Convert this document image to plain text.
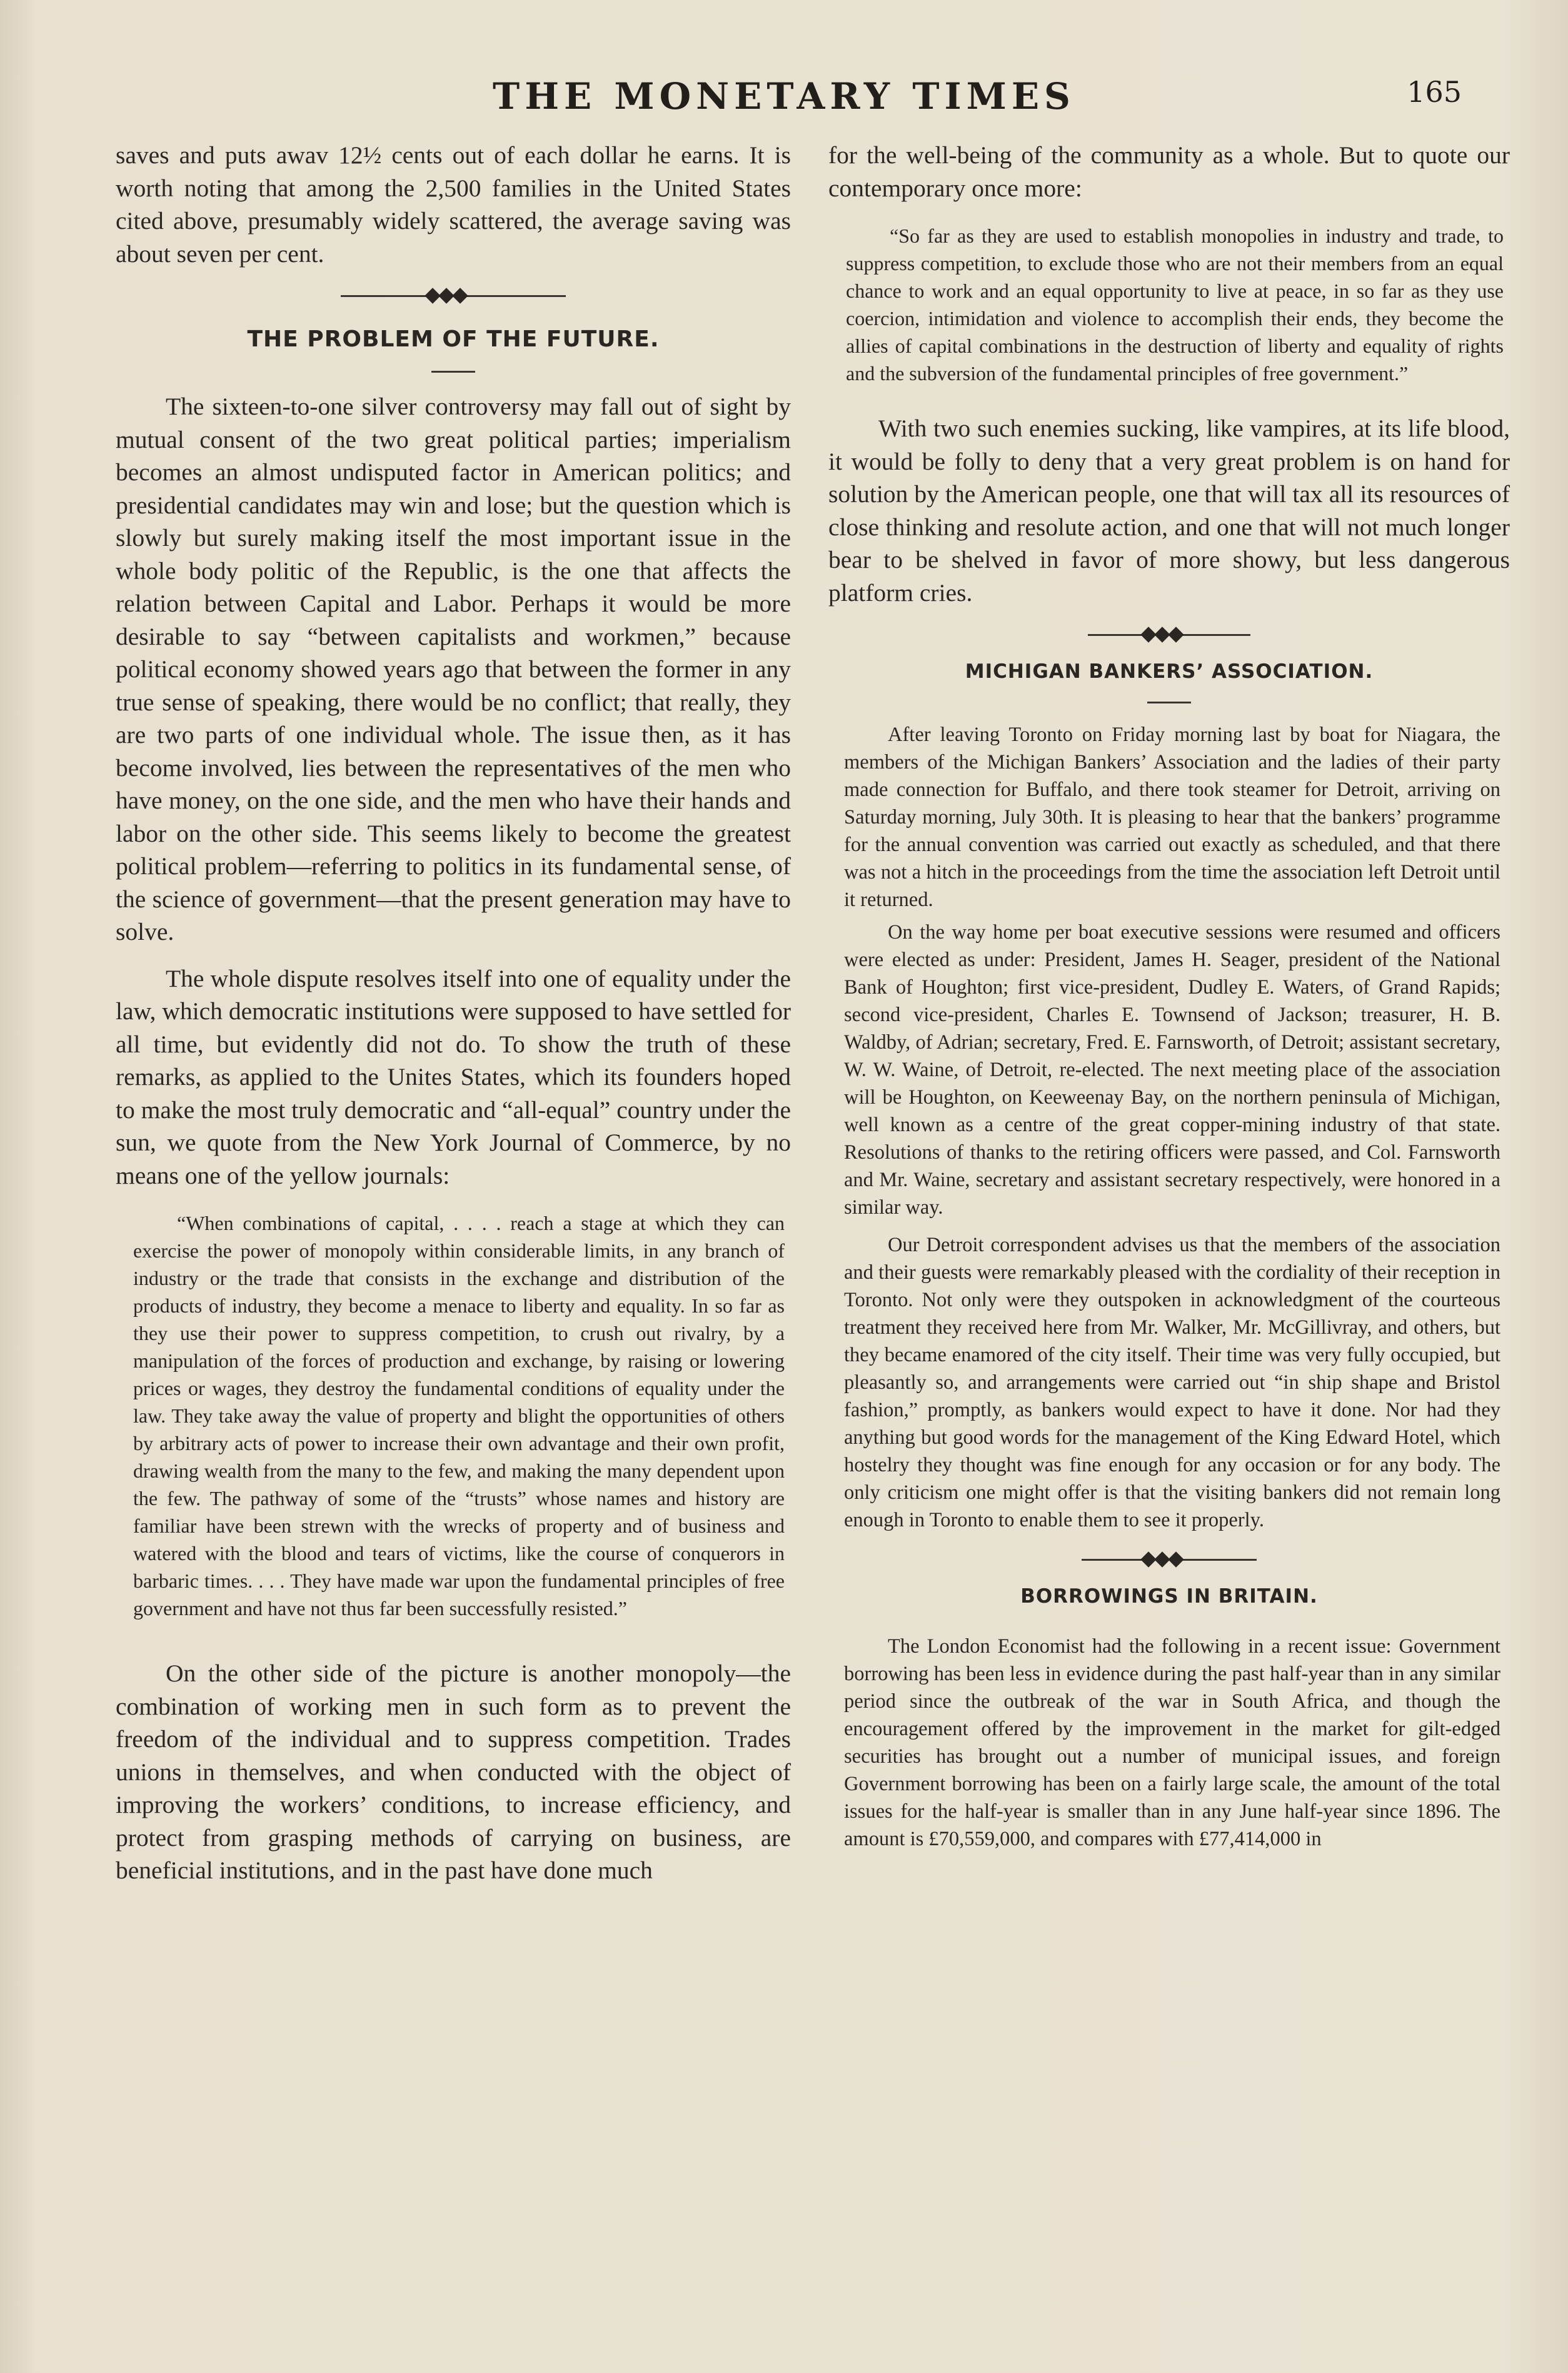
THE MONETARY TIMES	165

saves and puts awav 12½ cents out of each dollar he earns. It is worth noting that among the 2,500 families in the United States cited above, presumably widely scattered, the average saving was about seven per cent.

THE PROBLEM OF THE FUTURE.

The sixteen-to-one silver controversy may fall out of sight by mutual consent of the two great political parties; imperialism becomes an almost undisputed factor in American politics; and presidential candidates may win and lose; but the question which is slowly but surely making itself the most important issue in the whole body politic of the Republic, is the one that affects the relation between Capital and Labor. Perhaps it would be more desirable to say “between capitalists and workmen,” because political economy showed years ago that between the former in any true sense of speaking, there would be no conflict; that really, they are two parts of one individual whole. The issue then, as it has become involved, lies between the representatives of the men who have money, on the one side, and the men who have their hands and labor on the other side. This seems likely to become the greatest political problem—referring to politics in its fundamental sense, of the science of government—that the present generation may have to solve.

The whole dispute resolves itself into one of equality under the law, which democratic institutions were supposed to have settled for all time, but evidently did not do. To show the truth of these remarks, as applied to the Unites States, which its founders hoped to make the most truly democratic and “all-equal” country under the sun, we quote from the New York Journal of Commerce, by no means one of the yellow journals:

“When combinations of capital, . . . . reach a stage at which they can exercise the power of monopoly within considerable limits, in any branch of industry or the trade that consists in the exchange and distribution of the products of industry, they become a menace to liberty and equality. In so far as they use their power to suppress competition, to crush out rivalry, by a manipulation of the forces of production and exchange, by raising or lowering prices or wages, they destroy the fundamental conditions of equality under the law. They take away the value of property and blight the opportunities of others by arbitrary acts of power to increase their own advantage and their own profit, drawing wealth from the many to the few, and making the many dependent upon the few. The pathway of some of the “trusts” whose names and history are familiar have been strewn with the wrecks of property and of business and watered with the blood and tears of victims, like the course of conquerors in barbaric times. . . . They have made war upon the fundamental principles of free government and have not thus far been successfully resisted.”

On the other side of the picture is another monopoly—the combination of working men in such form as to prevent the freedom of the individual and to suppress competition. Trades unions in themselves, and when conducted with the object of improving the workers’ conditions, to increase efficiency, and protect from grasping methods of carrying on business, are beneficial institutions, and in the past have done much

for the well-being of the community as a whole. But to quote our contemporary once more:

“So far as they are used to establish monopolies in industry and trade, to suppress competition, to exclude those who are not their members from an equal chance to work and an equal opportunity to live at peace, in so far as they use coercion, intimidation and violence to accomplish their ends, they become the allies of capital combinations in the destruction of liberty and equality of rights and the subversion of the fundamental principles of free government.”

With two such enemies sucking, like vampires, at its life blood, it would be folly to deny that a very great problem is on hand for solution by the American people, one that will tax all its resources of close thinking and resolute action, and one that will not much longer bear to be shelved in favor of more showy, but less dangerous platform cries.

MICHIGAN BANKERS’ ASSOCIATION.

After leaving Toronto on Friday morning last by boat for Niagara, the members of the Michigan Bankers’ Association and the ladies of their party made connection for Buffalo, and there took steamer for Detroit, arriving on Saturday morning, July 30th. It is pleasing to hear that the bankers’ programme for the annual convention was carried out exactly as scheduled, and that there was not a hitch in the proceedings from the time the association left Detroit until it returned.

On the way home per boat executive sessions were resumed and officers were elected as under: President, James H. Seager, president of the National Bank of Houghton; first vice-president, Dudley E. Waters, of Grand Rapids; second vice-president, Charles E. Townsend of Jackson; treasurer, H. B. Waldby, of Adrian; secretary, Fred. E. Farnsworth, of Detroit; assistant secretary, W. W. Waine, of Detroit, re-elected. The next meeting place of the association will be Houghton, on Keeweenay Bay, on the northern peninsula of Michigan, well known as a centre of the great copper-mining industry of that state. Resolutions of thanks to the retiring officers were passed, and Col. Farnsworth and Mr. Waine, secretary and assistant secretary respectively, were honored in a similar way.

Our Detroit correspondent advises us that the members of the association and their guests were remarkably pleased with the cordiality of their reception in Toronto. Not only were they outspoken in acknowledgment of the courteous treatment they received here from Mr. Walker, Mr. McGillivray, and others, but they became enamored of the city itself. Their time was very fully occupied, but pleasantly so, and arrangements were carried out “in ship shape and Bristol fashion,” promptly, as bankers would expect to have it done. Nor had they anything but good words for the management of the King Edward Hotel, which hostelry they thought was fine enough for any occasion or for any body. The only criticism one might offer is that the visiting bankers did not remain long enough in Toronto to enable them to see it properly.

BORROWINGS IN BRITAIN.

The London Economist had the following in a recent issue: Government borrowing has been less in evidence during the past half-year than in any similar period since the outbreak of the war in South Africa, and though the encouragement offered by the improvement in the market for gilt-edged securities has brought out a number of municipal issues, and foreign Government borrowing has been on a fairly large scale, the amount of the total issues for the half-year is smaller than in any June half-year since 1896. The amount is £70,559,000, and compares with £77,414,000 in
